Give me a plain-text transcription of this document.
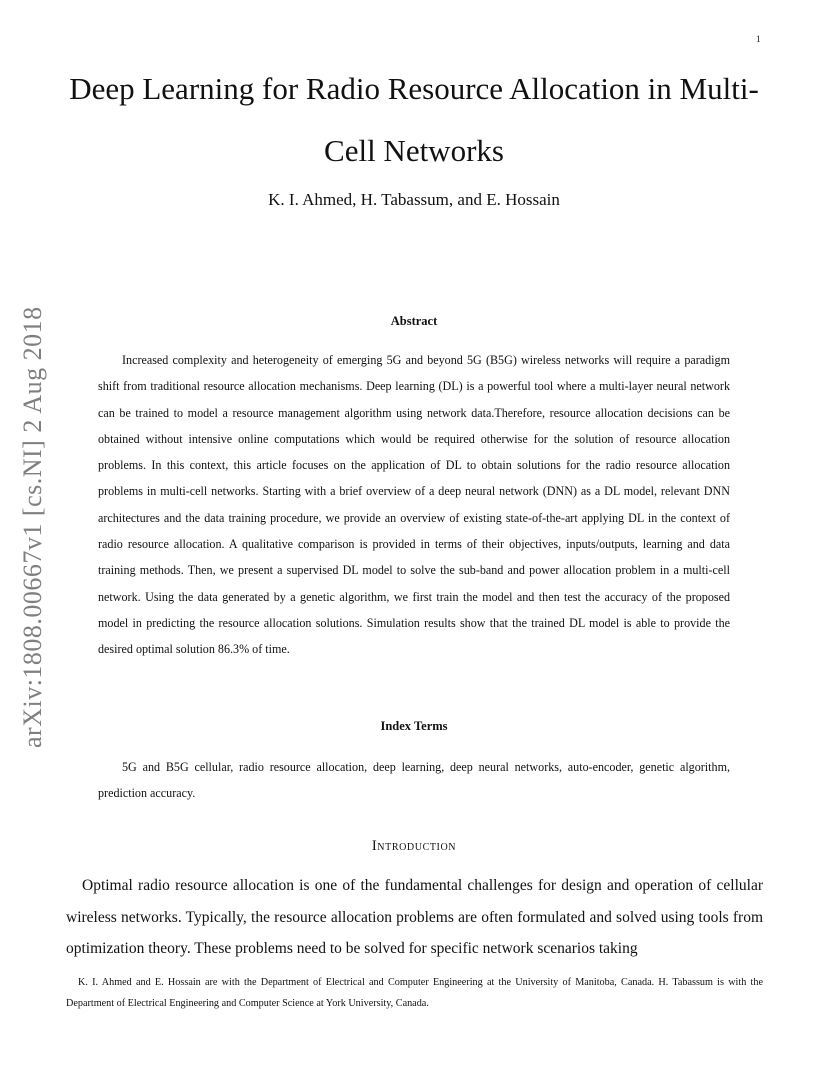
1
arXiv:1808.00667v1 [cs.NI] 2 Aug 2018
Deep Learning for Radio Resource Allocation in Multi-Cell Networks
K. I. Ahmed, H. Tabassum, and E. Hossain
Abstract

Increased complexity and heterogeneity of emerging 5G and beyond 5G (B5G) wireless networks will require a paradigm shift from traditional resource allocation mechanisms. Deep learning (DL) is a powerful tool where a multi-layer neural network can be trained to model a resource management algorithm using network data.Therefore, resource allocation decisions can be obtained without intensive online computations which would be required otherwise for the solution of resource allocation problems. In this context, this article focuses on the application of DL to obtain solutions for the radio resource allocation problems in multi-cell networks. Starting with a brief overview of a deep neural network (DNN) as a DL model, relevant DNN architectures and the data training procedure, we provide an overview of existing state-of-the-art applying DL in the context of radio resource allocation. A qualitative comparison is provided in terms of their objectives, inputs/outputs, learning and data training methods. Then, we present a supervised DL model to solve the sub-band and power allocation problem in a multi-cell network. Using the data generated by a genetic algorithm, we first train the model and then test the accuracy of the proposed model in predicting the resource allocation solutions. Simulation results show that the trained DL model is able to provide the desired optimal solution 86.3% of time.

Index Terms

5G and B5G cellular, radio resource allocation, deep learning, deep neural networks, auto-encoder, genetic algorithm, prediction accuracy.

Introduction

Optimal radio resource allocation is one of the fundamental challenges for design and operation of cellular wireless networks. Typically, the resource allocation problems are often formulated and solved using tools from optimization theory. These problems need to be solved for specific network scenarios taking

K. I. Ahmed and E. Hossain are with the Department of Electrical and Computer Engineering at the University of Manitoba, Canada. H. Tabassum is with the Department of Electrical Engineering and Computer Science at York University, Canada.
